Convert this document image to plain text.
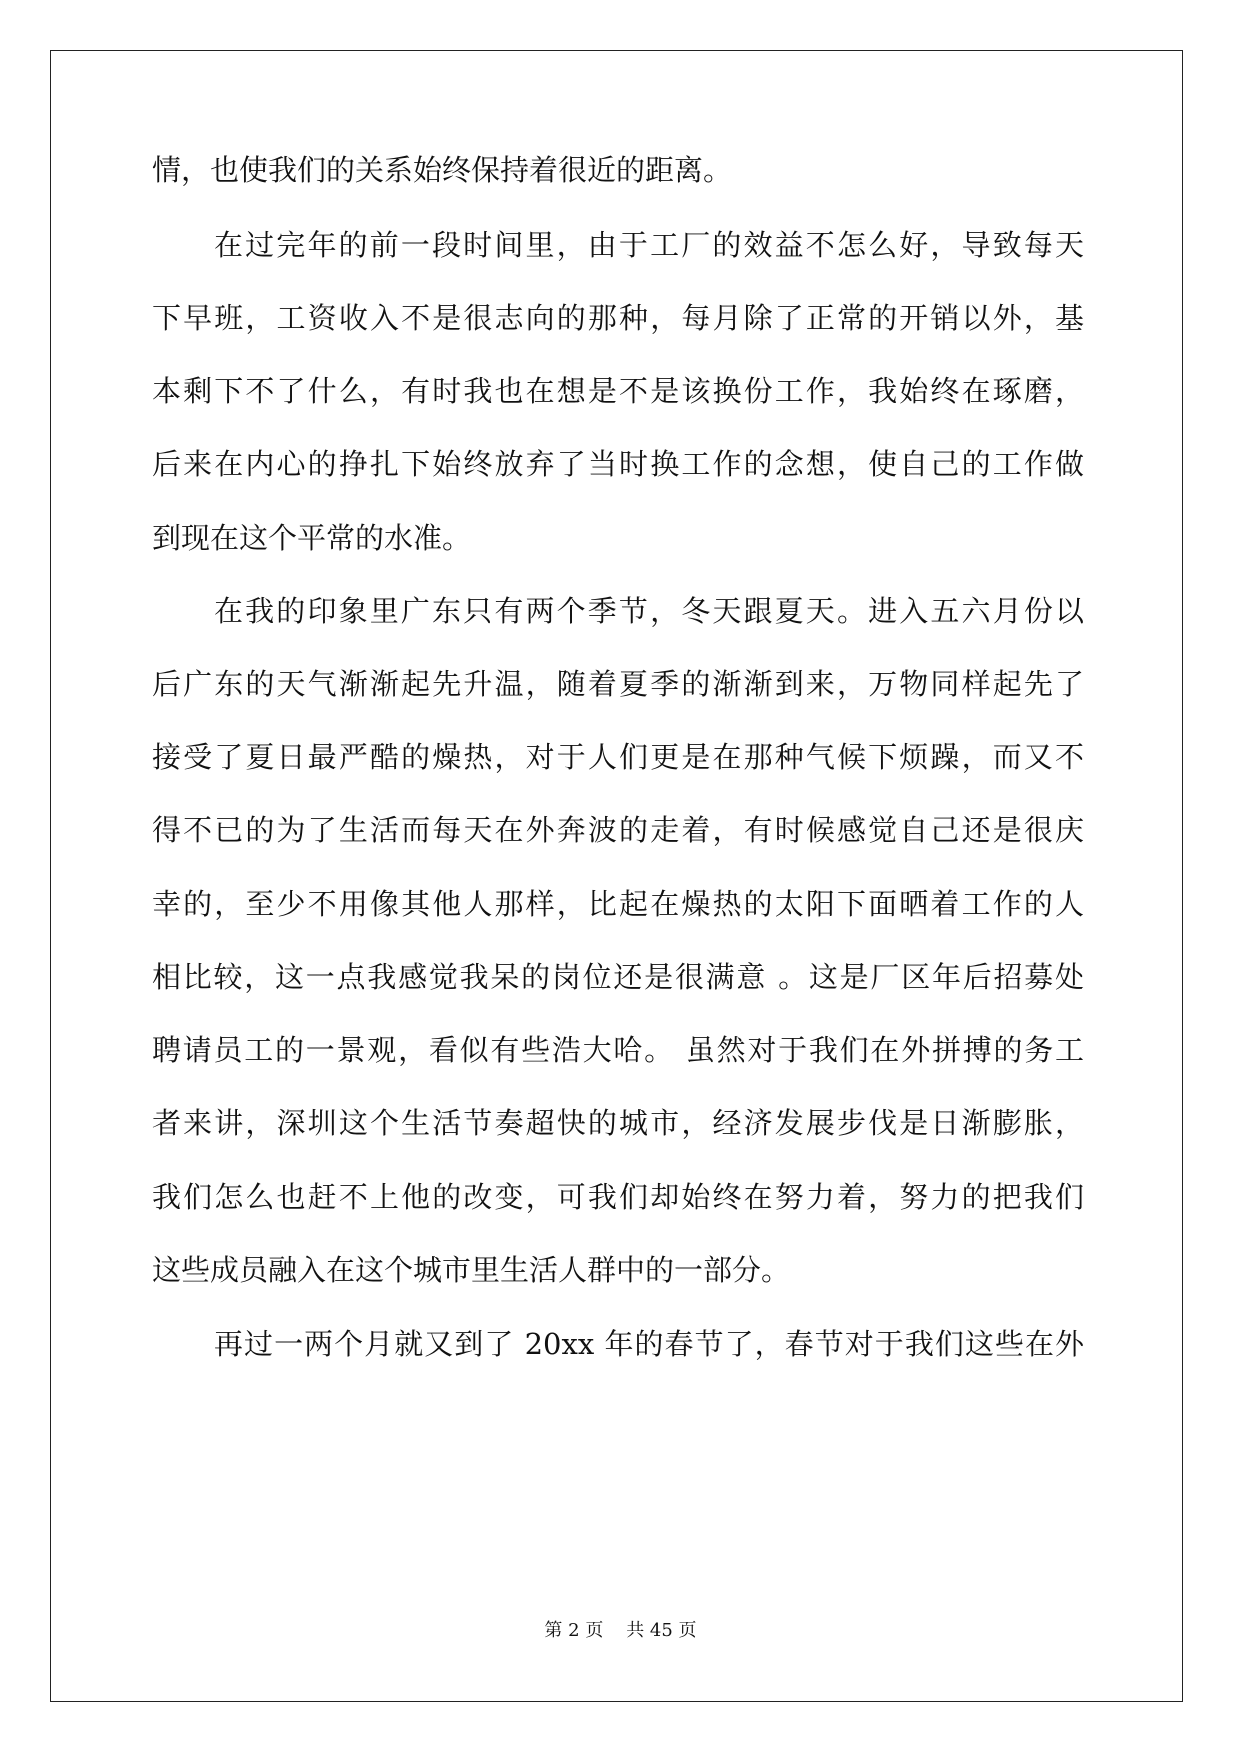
情，也使我们的关系始终保持着很近的距离。
在过完年的前一段时间里，由于工厂的效益不怎么好，导致每天
下早班，工资收入不是很志向的那种，每月除了正常的开销以外，基
本剩下不了什么，有时我也在想是不是该换份工作，我始终在琢磨，
后来在内心的挣扎下始终放弃了当时换工作的念想，使自己的工作做
到现在这个平常的水准。
在我的印象里广东只有两个季节，冬天跟夏天。进入五六月份以
后广东的天气渐渐起先升温，随着夏季的渐渐到来，万物同样起先了
接受了夏日最严酷的燥热，对于人们更是在那种气候下烦躁，而又不
得不已的为了生活而每天在外奔波的走着，有时候感觉自己还是很庆
幸的，至少不用像其他人那样，比起在燥热的太阳下面晒着工作的人
相比较，这一点我感觉我呆的岗位还是很满意 。这是厂区年后招募处
聘请员工的一景观，看似有些浩大哈。 虽然对于我们在外拼搏的务工
者来讲，深圳这个生活节奏超快的城市，经济发展步伐是日渐膨胀，
我们怎么也赶不上他的改变，可我们却始终在努力着，努力的把我们
这些成员融入在这个城市里生活人群中的一部分。
再过一两个月就又到了 20xx 年的春节了，春节对于我们这些在外
第 2 页    共 45 页
